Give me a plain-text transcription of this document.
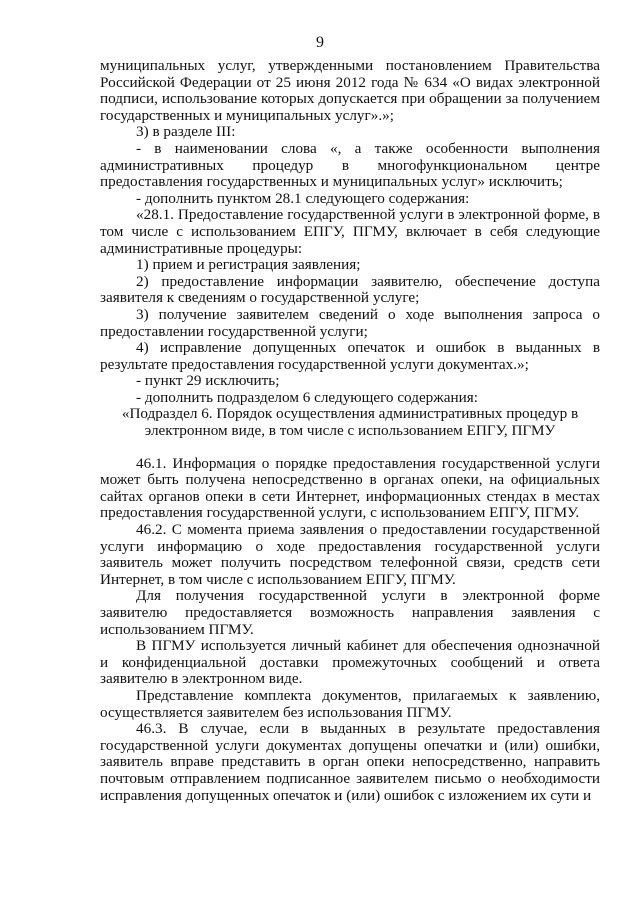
9

муниципальных услуг, утвержденными постановлением Правительства Российской Федерации от 25 июня 2012 года № 634 «О видах электронной подписи, использование которых допускается при обращении за получением государственных и муниципальных услуг».»;

3) в разделе III:

- в наименовании слова «, а также особенности выполнения административных процедур в многофункциональном центре предоставления государственных и муниципальных услуг» исключить;

- дополнить пунктом 28.1 следующего содержания:

«28.1. Предоставление государственной услуги в электронной форме, в том числе с использованием ЕПГУ, ПГМУ, включает в себя следующие административные процедуры:

1) прием и регистрация заявления;

2) предоставление информации заявителю, обеспечение доступа заявителя к сведениям о государственной услуге;

3) получение заявителем сведений о ходе выполнения запроса о предоставлении государственной услуги;

4) исправление допущенных опечаток и ошибок в выданных в результате предоставления государственной услуги документах.»;

- пункт 29 исключить;

- дополнить подразделом 6 следующего содержания:

«Подраздел 6. Порядок осуществления административных процедур в электронном виде, в том числе с использованием ЕПГУ, ПГМУ

46.1. Информация о порядке предоставления государственной услуги может быть получена непосредственно в органах опеки, на официальных сайтах органов опеки в сети Интернет, информационных стендах в местах предоставления государственной услуги, с использованием ЕПГУ, ПГМУ.

46.2. С момента приема заявления о предоставлении государственной услуги информацию о ходе предоставления государственной услуги заявитель может получить посредством телефонной связи, средств сети Интернет, в том числе с использованием ЕПГУ, ПГМУ.

Для получения государственной услуги в электронной форме заявителю предоставляется возможность направления заявления с использованием ПГМУ.

В ПГМУ используется личный кабинет для обеспечения однозначной и конфиденциальной доставки промежуточных сообщений и ответа заявителю в электронном виде.

Представление комплекта документов, прилагаемых к заявлению, осуществляется заявителем без использования ПГМУ.

46.3. В случае, если в выданных в результате предоставления государственной услуги документах допущены опечатки и (или) ошибки, заявитель вправе представить в орган опеки непосредственно, направить почтовым отправлением подписанное заявителем письмо о необходимости исправления допущенных опечаток и (или) ошибок с изложением их сути и
